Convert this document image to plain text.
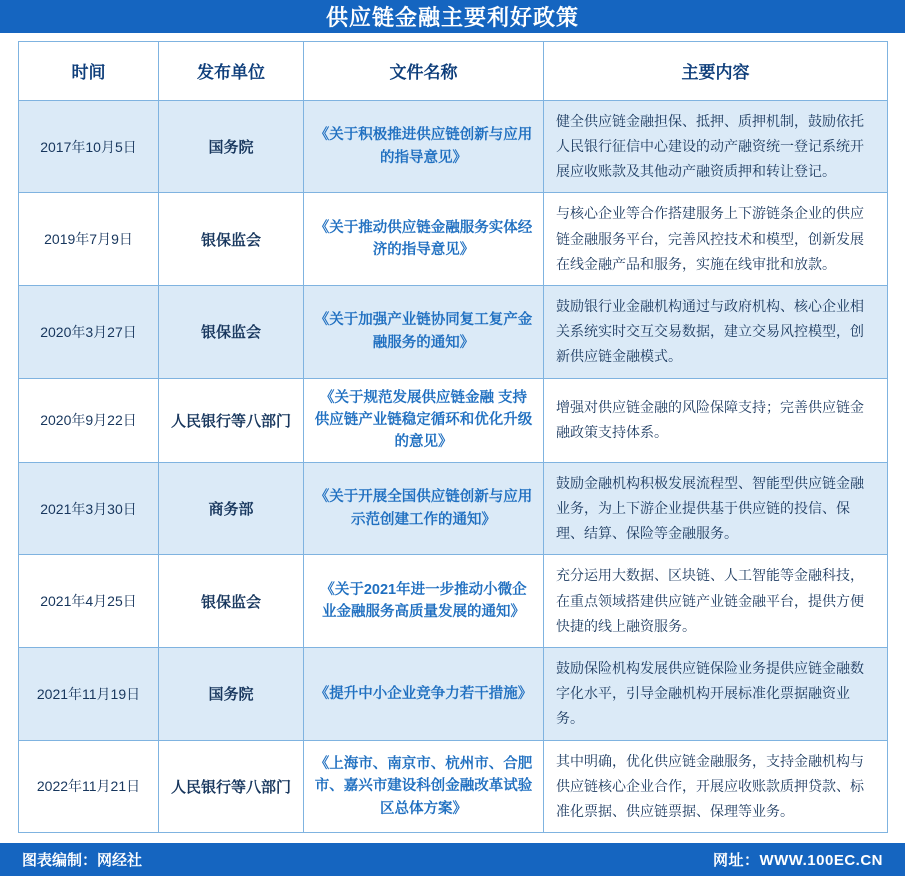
供应链金融主要利好政策
时间	发布单位	文件名称	主要内容
2017年10月5日	国务院	《关于积极推进供应链创新与应用的指导意见》	健全供应链金融担保、抵押、质押机制，鼓励依托人民银行征信中心建设的动产融资统一登记系统开展应收账款及其他动产融资质押和转让登记。
2019年7月9日	银保监会	《关于推动供应链金融服务实体经济的指导意见》	与核心企业等合作搭建服务上下游链条企业的供应链金融服务平台，完善风控技术和模型，创新发展在线金融产品和服务，实施在线审批和放款。
2020年3月27日	银保监会	《关于加强产业链协同复工复产金融服务的通知》	鼓励银行业金融机构通过与政府机构、核心企业相关系统实时交互交易数据，建立交易风控模型，创新供应链金融模式。
2020年9月22日	人民银行等八部门	《关于规范发展供应链金融 支持供应链产业链稳定循环和优化升级的意见》	增强对供应链金融的风险保障支持；完善供应链金融政策支持体系。
2021年3月30日	商务部	《关于开展全国供应链创新与应用示范创建工作的通知》	鼓励金融机构积极发展流程型、智能型供应链金融业务，为上下游企业提供基于供应链的投信、保理、结算、保险等金融服务。
2021年4月25日	银保监会	《关于2021年进一步推动小微企业金融服务高质量发展的通知》	充分运用大数据、区块链、人工智能等金融科技，在重点领域搭建供应链产业链金融平台，提供方便快捷的线上融资服务。
2021年11月19日	国务院	《提升中小企业竞争力若干措施》	鼓励保险机构发展供应链保险业务提供应链金融数字化水平，引导金融机构开展标准化票据融资业务。
2022年11月21日	人民银行等八部门	《上海市、南京市、杭州市、合肥市、嘉兴市建设科创金融改革试验区总体方案》	其中明确，优化供应链金融服务，支持金融机构与供应链核心企业合作，开展应收账款质押贷款、标准化票据、供应链票据、保理等业务。
图表编制：网经社	网址：WWW.100EC.CN
